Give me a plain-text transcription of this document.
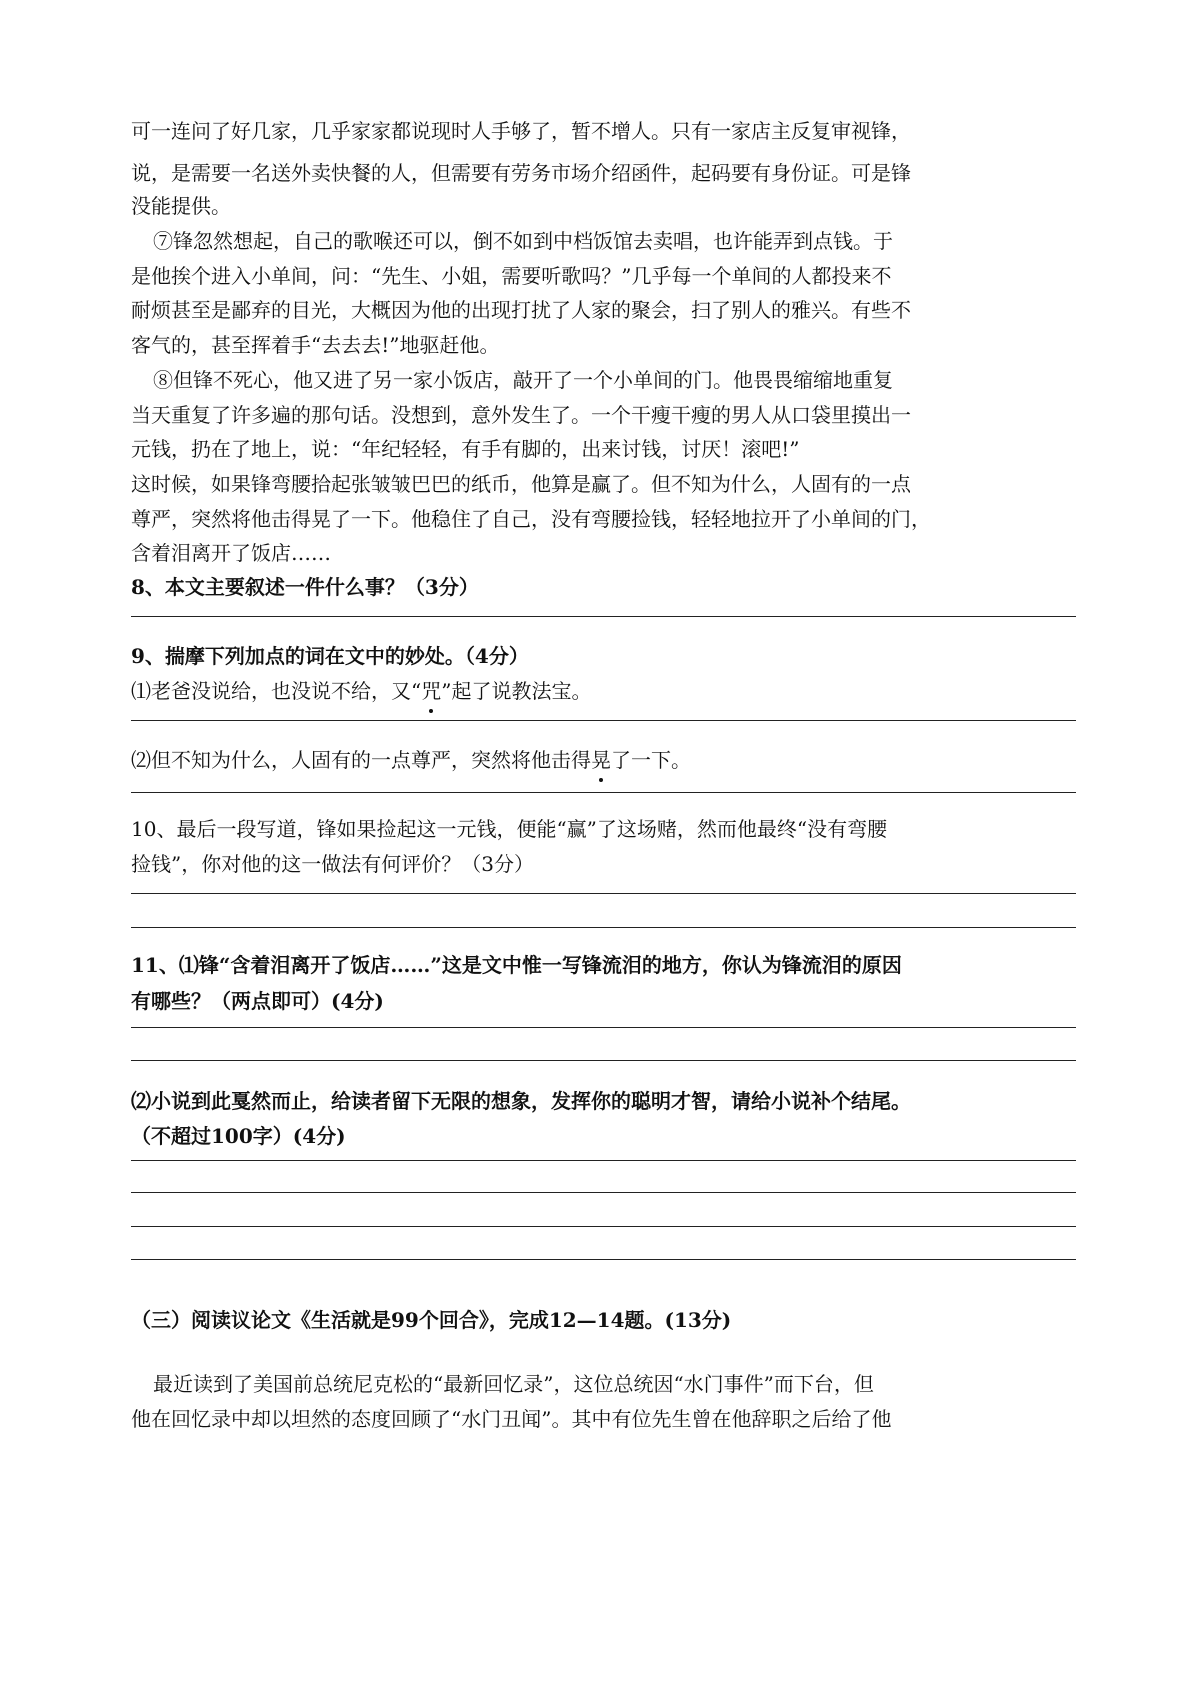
可一连问了好几家，几乎家家都说现时人手够了，暂不增人。只有一家店主反复审视锋，
说，是需要一名送外卖快餐的人，但需要有劳务市场介绍函件，起码要有身份证。可是锋
没能提供。
⑦锋忽然想起，自己的歌喉还可以，倒不如到中档饭馆去卖唱，也许能弄到点钱。于
是他挨个进入小单间，问：“先生、小姐，需要听歌吗？”几乎每一个单间的人都投来不
耐烦甚至是鄙弃的目光，大概因为他的出现打扰了人家的聚会，扫了别人的雅兴。有些不
客气的，甚至挥着手“去去去!”地驱赶他。
⑧但锋不死心，他又进了另一家小饭店，敲开了一个小单间的门。他畏畏缩缩地重复
当天重复了许多遍的那句话。没想到，意外发生了。一个干瘦干瘦的男人从口袋里摸出一
元钱，扔在了地上，说：“年纪轻轻，有手有脚的，出来讨钱，讨厌！滚吧!”
这时候，如果锋弯腰拾起张皱皱巴巴的纸币，他算是赢了。但不知为什么，人固有的一点
尊严，突然将他击得晃了一下。他稳住了自己，没有弯腰捡钱，轻轻地拉开了小单间的门，
含着泪离开了饭店……
8、本文主要叙述一件什么事？（3分）
9、揣摩下列加点的词在文中的妙处。（4分）
⑴老爸没说给，也没说不给，又“咒
”起了说教法宝。
⑵但不知为什么，人固有的一点尊严，突然将他击得晃
了一下。
10、最后一段写道，锋如果捡起这一元钱，便能“赢”了这场赌，然而他最终“没有弯腰
捡钱”，你对他的这一做法有何评价？（3分）
11、⑴锋“含着泪离开了饭店……”这是文中惟一写锋流泪的地方，你认为锋流泪的原因
有哪些？（两点即可）(4分)
⑵小说到此戛然而止，给读者留下无限的想象，发挥你的聪明才智，请给小说补个结尾。
（不超过100字）(4分)
（三）阅读议论文《生活就是99个回合》，完成12—14题。(13分)
最近读到了美国前总统尼克松的“最新回忆录”，这位总统因“水门事件”而下台，但
他在回忆录中却以坦然的态度回顾了“水门丑闻”。其中有位先生曾在他辞职之后给了他
